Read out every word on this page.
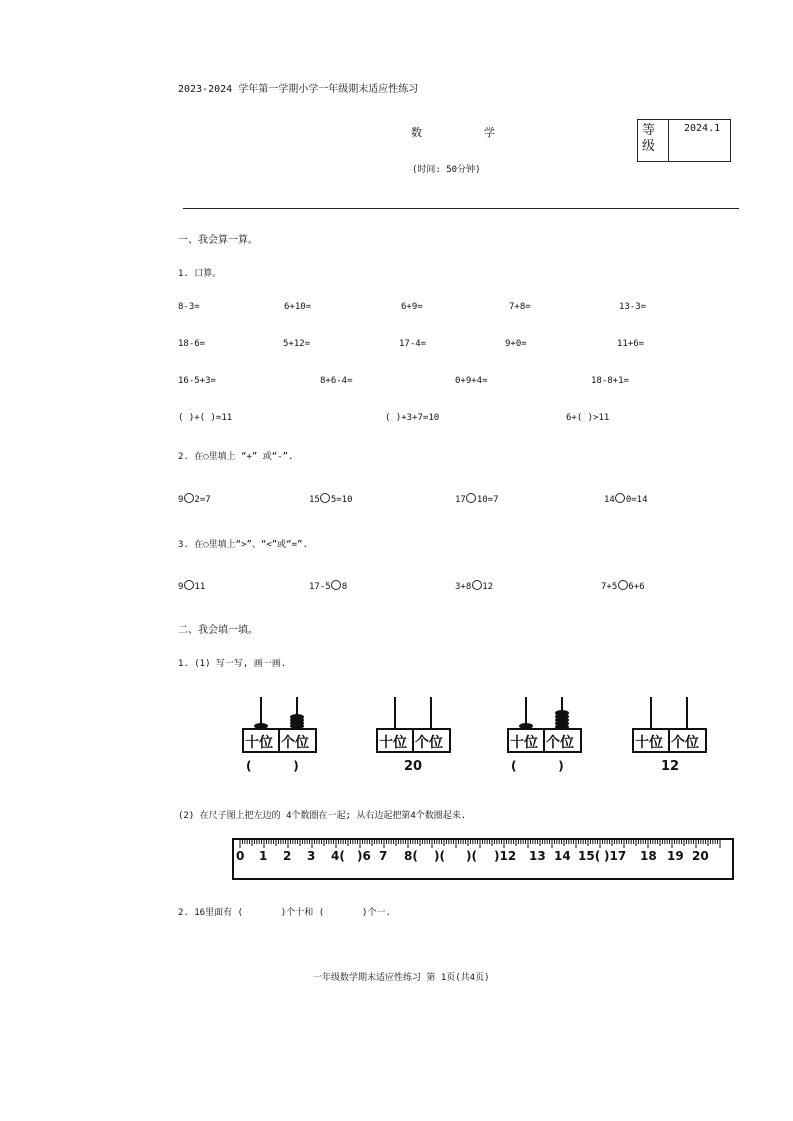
2023-2024 学年第一学期小学一年级期末适应性练习
数	学
(时间: 50分钟)
等级
2024.1
一、我会算一算。
1. 口算。
8-3=	6+10=	6+9=	7+8=	13-3=
18-6=	5+12=	17-4=	9+0=	11+6=
16-5+3=	8+6-4=	0+9+4=	18-8+1=
( )+( )=11	( )+3+7=10	6+( )>11
2. 在○里填上 “+” 或“-”.
9 2=7	15 5=10	17 10=7	14 0=14
3. 在○里填上“>”、“<”或“=”.
9 11	17-5 8	3+8 12	7+5 6+6
二、我会填一填。
1. (1) 写一写, 画一画.
十位 个位
(          )
十位 个位
20
十位 个位
(          )
十位 个位
12
(2) 在尺子图上把左边的 4个数圈在一起; 从右边起把第4个数圈起来.
0 1 2 3 4( )6 7 8( )( )( )12 13 14 15( )17 18 19 20
2. 16里面有 (       )个十和 (       )个一.
一年级数学期末适应性练习 第 1页(共4页)
